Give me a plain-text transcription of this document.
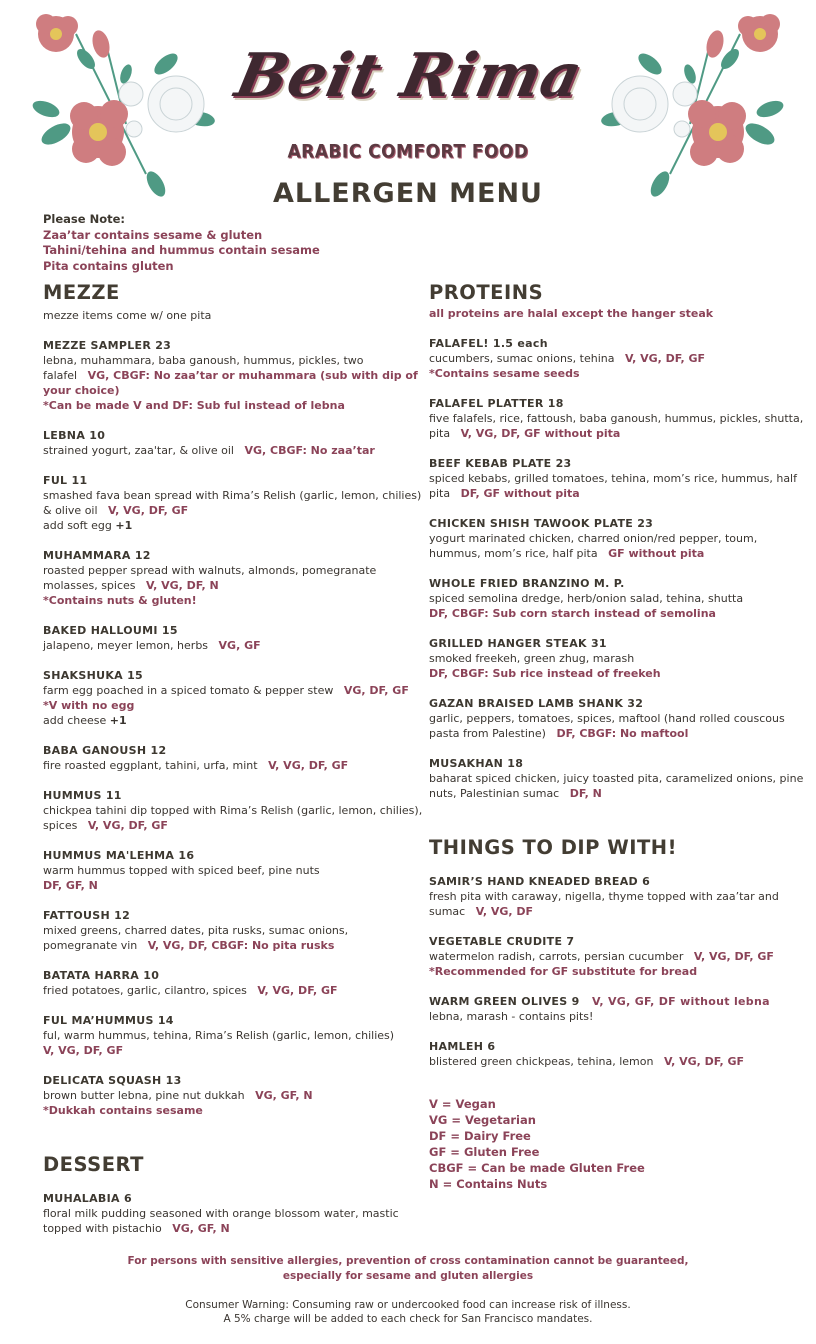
Beit Rima
ARABIC COMFORT FOOD
ALLERGEN MENU
Please Note:
Zaa’tar contains sesame & gluten
Tahini/tehina and hummus contain sesame
Pita contains gluten
MEZZE
mezze items come w/ one pita
MEZZE SAMPLER 23
lebna, muhammara, baba ganoush, hummus, pickles, two falafel VG, CBGF: No zaa’tar or muhammara (sub with dip of your choice)
*Can be made V and DF: Sub ful instead of lebna
LEBNA 10
strained yogurt, zaa'tar, & olive oil VG, CBGF: No zaa’tar
FUL 11
smashed fava bean spread with Rima’s Relish (garlic, lemon, chilies) & olive oil V, VG, DF, GF
add soft egg +1
MUHAMMARA 12
roasted pepper spread with walnuts, almonds, pomegranate molasses, spices V, VG, DF, N
*Contains nuts & gluten!
BAKED HALLOUMI 15
jalapeno, meyer lemon, herbs VG, GF
SHAKSHUKA 15
farm egg poached in a spiced tomato & pepper stew VG, DF, GF *V with no egg
add cheese +1
BABA GANOUSH 12
fire roasted eggplant, tahini, urfa, mint V, VG, DF, GF
HUMMUS 11
chickpea tahini dip topped with Rima’s Relish (garlic, lemon, chilies), spices V, VG, DF, GF
HUMMUS MA'LEHMA 16
warm hummus topped with spiced beef, pine nuts
DF, GF, N
FATTOUSH 12
mixed greens, charred dates, pita rusks, sumac onions, pomegranate vin V, VG, DF, CBGF: No pita rusks
BATATA HARRA 10
fried potatoes, garlic, cilantro, spices V, VG, DF, GF
FUL MA’HUMMUS 14
ful, warm hummus, tehina, Rima’s Relish (garlic, lemon, chilies)
V, VG, DF, GF
DELICATA SQUASH 13
brown butter lebna, pine nut dukkah VG, GF, N
*Dukkah contains sesame
DESSERT
MUHALABIA 6
floral milk pudding seasoned with orange blossom water, mastic topped with pistachio VG, GF, N
PROTEINS
all proteins are halal except the hanger steak
FALAFEL! 1.5 each
cucumbers, sumac onions, tehina V, VG, DF, GF
*Contains sesame seeds
FALAFEL PLATTER 18
five falafels, rice, fattoush, baba ganoush, hummus, pickles, shutta, pita V, VG, DF, GF without pita
BEEF KEBAB PLATE 23
spiced kebabs, grilled tomatoes, tehina, mom’s rice, hummus, half pita DF, GF without pita
CHICKEN SHISH TAWOOK PLATE 23
yogurt marinated chicken, charred onion/red pepper, toum, hummus, mom’s rice, half pita GF without pita
WHOLE FRIED BRANZINO M. P.
spiced semolina dredge, herb/onion salad, tehina, shutta
DF, CBGF: Sub corn starch instead of semolina
GRILLED HANGER STEAK 31
smoked freekeh, green zhug, marash
DF, CBGF: Sub rice instead of freekeh
GAZAN BRAISED LAMB SHANK 32
garlic, peppers, tomatoes, spices, maftool (hand rolled couscous pasta from Palestine) DF, CBGF: No maftool
MUSAKHAN 18
baharat spiced chicken, juicy toasted pita, caramelized onions, pine nuts, Palestinian sumac DF, N
THINGS TO DIP WITH!
SAMIR’S HAND KNEADED BREAD 6
fresh pita with caraway, nigella, thyme topped with zaa’tar and sumac V, VG, DF
VEGETABLE CRUDITE 7
watermelon radish, carrots, persian cucumber V, VG, DF, GF
*Recommended for GF substitute for bread
WARM GREEN OLIVES 9 V, VG, GF, DF without lebna
lebna, marash - contains pits!
HAMLEH 6
blistered green chickpeas, tehina, lemon V, VG, DF, GF
V = Vegan
VG = Vegetarian
DF = Dairy Free
GF = Gluten Free
CBGF = Can be made Gluten Free
N = Contains Nuts
For persons with sensitive allergies, prevention of cross contamination cannot be guaranteed,
especially for sesame and gluten allergies
Consumer Warning: Consuming raw or undercooked food can increase risk of illness.
A 5% charge will be added to each check for San Francisco mandates.
